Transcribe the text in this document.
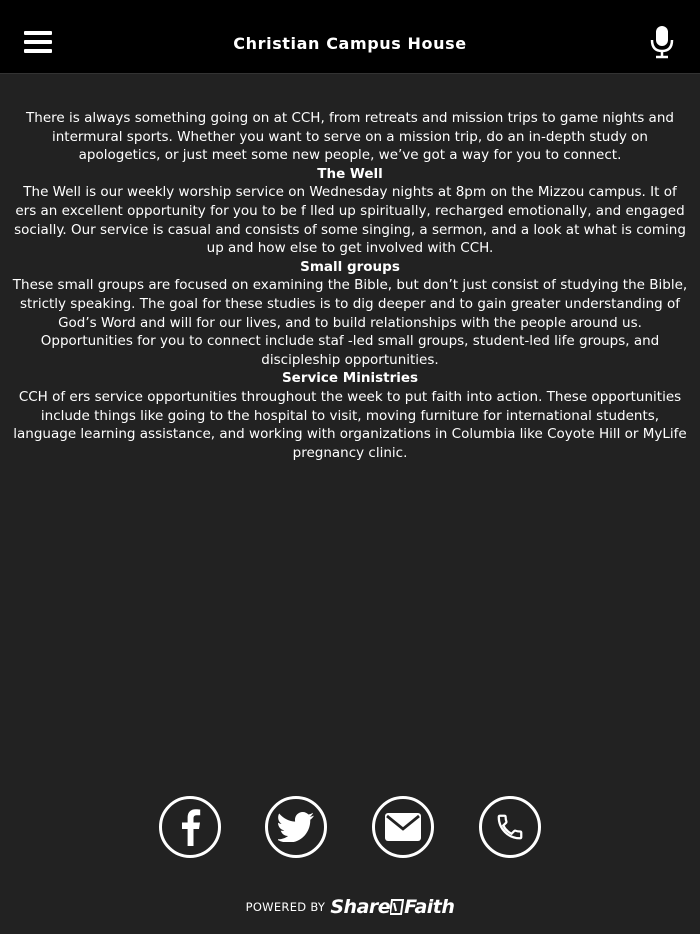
Christian Campus House

There is always something going on at CCH, from retreats and mission trips to game nights and intermural sports. Whether you want to serve on a mission trip, do an in-depth study on apologetics, or just meet some new people, we’ve got a way for you to connect.

The Well

The Well is our weekly worship service on Wednesday nights at 8pm on the Mizzou campus. It of ers an excellent opportunity for you to be f lled up spiritually, recharged emotionally, and engaged socially. Our service is casual and consists of some singing, a sermon, and a look at what is coming up and how else to get involved with CCH.

Small groups

These small groups are focused on examining the Bible, but don’t just consist of studying the Bible, strictly speaking. The goal for these studies is to dig deeper and to gain greater understanding of God’s Word and will for our lives, and to build relationships with the people around us. Opportunities for you to connect include staf -led small groups, student-led life groups, and discipleship opportunities.

Service Ministries

CCH of ers service opportunities throughout the week to put faith into action. These opportunities include things like going to the hospital to visit, moving furniture for international students, language learning assistance, and working with organizations in Columbia like Coyote Hill or MyLife pregnancy clinic.

POWERED BY Share Faith
